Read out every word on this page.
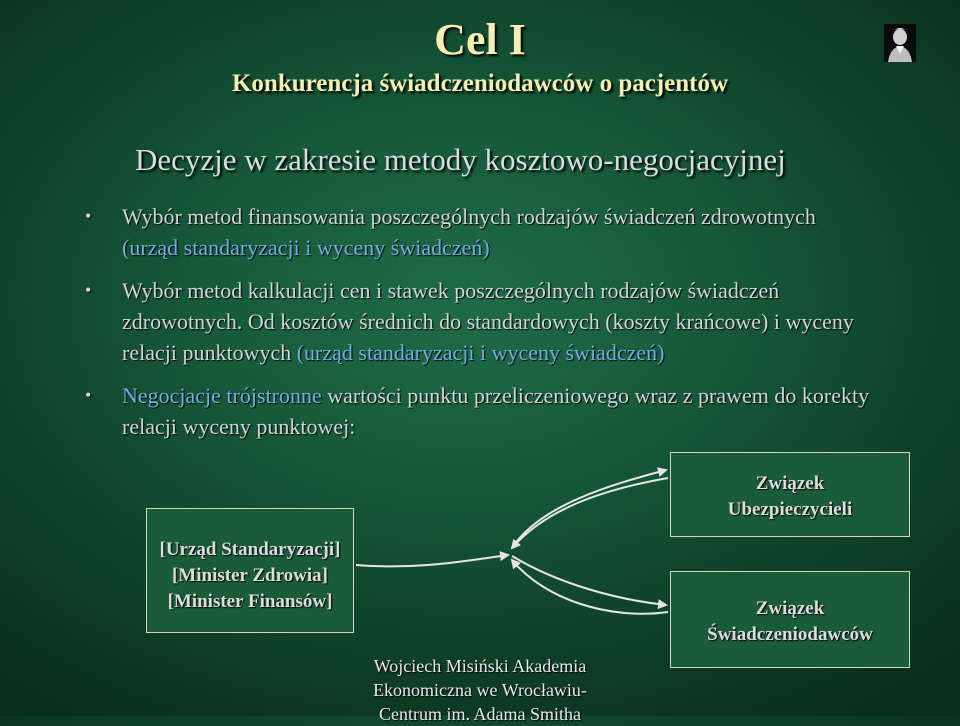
Cel I
Konkurencja świadczeniodawców o pacjentów
Decyzje w zakresie metody kosztowo-negocjacyjnej
• Wybór metod finansowania poszczególnych rodzajów świadczeń zdrowotnych (urząd standaryzacji i wyceny świadczeń)
• Wybór metod kalkulacji cen i stawek poszczególnych rodzajów świadczeń zdrowotnych. Od kosztów średnich do standardowych (koszty krańcowe) i wyceny relacji punktowych (urząd standaryzacji i wyceny świadczeń)
• Negocjacje trójstronne wartości punktu przeliczeniowego wraz z prawem do korekty relacji wyceny punktowej:
Związek
Ubezpieczycieli
[Urząd Standaryzacji]
[Minister Zdrowia]
[Minister Finansów]	Związek
Świadczeniodawców
Wojciech Misiński Akademia
Ekonomiczna we Wrocławiu-
Centrum im. Adama Smitha
